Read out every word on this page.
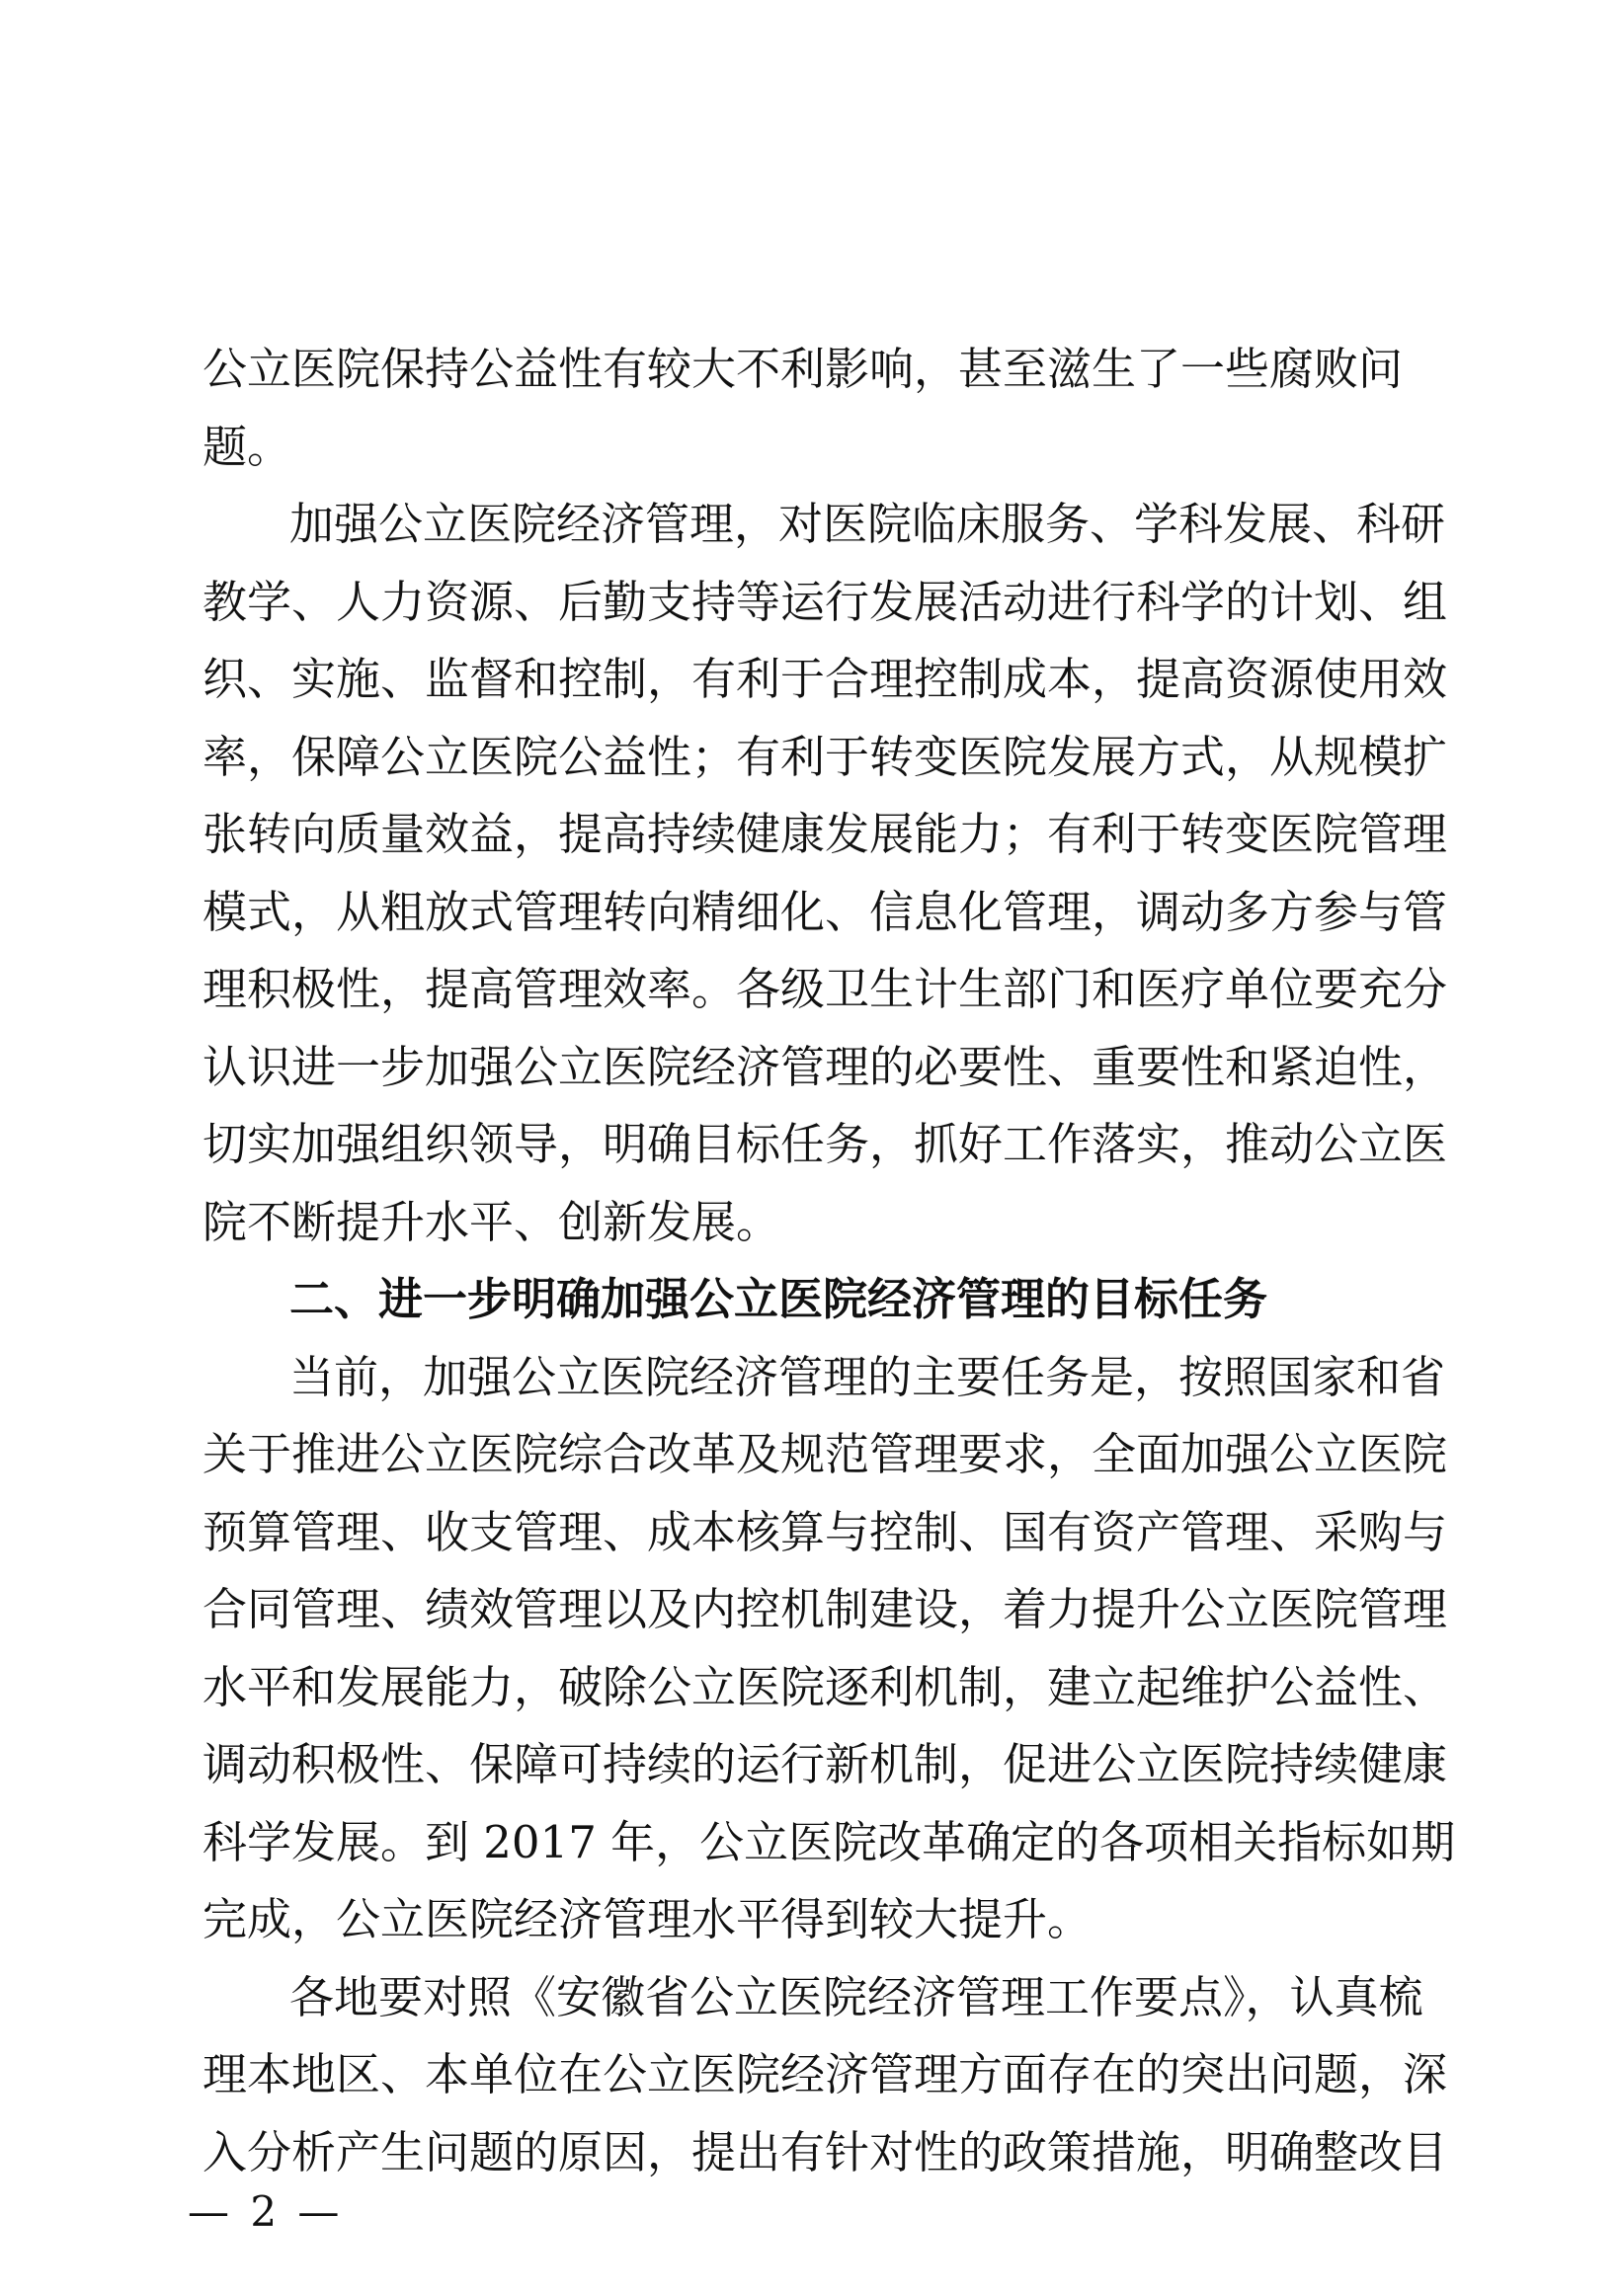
公立医院保持公益性有较大不利影响，甚至滋生了一些腐败问
题。
加强公立医院经济管理，对医院临床服务、学科发展、科研
教学、人力资源、后勤支持等运行发展活动进行科学的计划、组
织、实施、监督和控制，有利于合理控制成本，提高资源使用效
率，保障公立医院公益性；有利于转变医院发展方式，从规模扩
张转向质量效益，提高持续健康发展能力；有利于转变医院管理
模式，从粗放式管理转向精细化、信息化管理，调动多方参与管
理积极性，提高管理效率。各级卫生计生部门和医疗单位要充分
认识进一步加强公立医院经济管理的必要性、重要性和紧迫性，
切实加强组织领导，明确目标任务，抓好工作落实，推动公立医
院不断提升水平、创新发展。
二、进一步明确加强公立医院经济管理的目标任务
当前，加强公立医院经济管理的主要任务是，按照国家和省
关于推进公立医院综合改革及规范管理要求，全面加强公立医院
预算管理、收支管理、成本核算与控制、国有资产管理、采购与
合同管理、绩效管理以及内控机制建设，着力提升公立医院管理
水平和发展能力，破除公立医院逐利机制，建立起维护公益性、
调动积极性、保障可持续的运行新机制，促进公立医院持续健康
科学发展。到 2017 年，公立医院改革确定的各项相关指标如期
完成，公立医院经济管理水平得到较大提升。
各地要对照《安徽省公立医院经济管理工作要点》，认真梳
理本地区、本单位在公立医院经济管理方面存在的突出问题，深
入分析产生问题的原因，提出有针对性的政策措施，明确整改目
— 2 —
